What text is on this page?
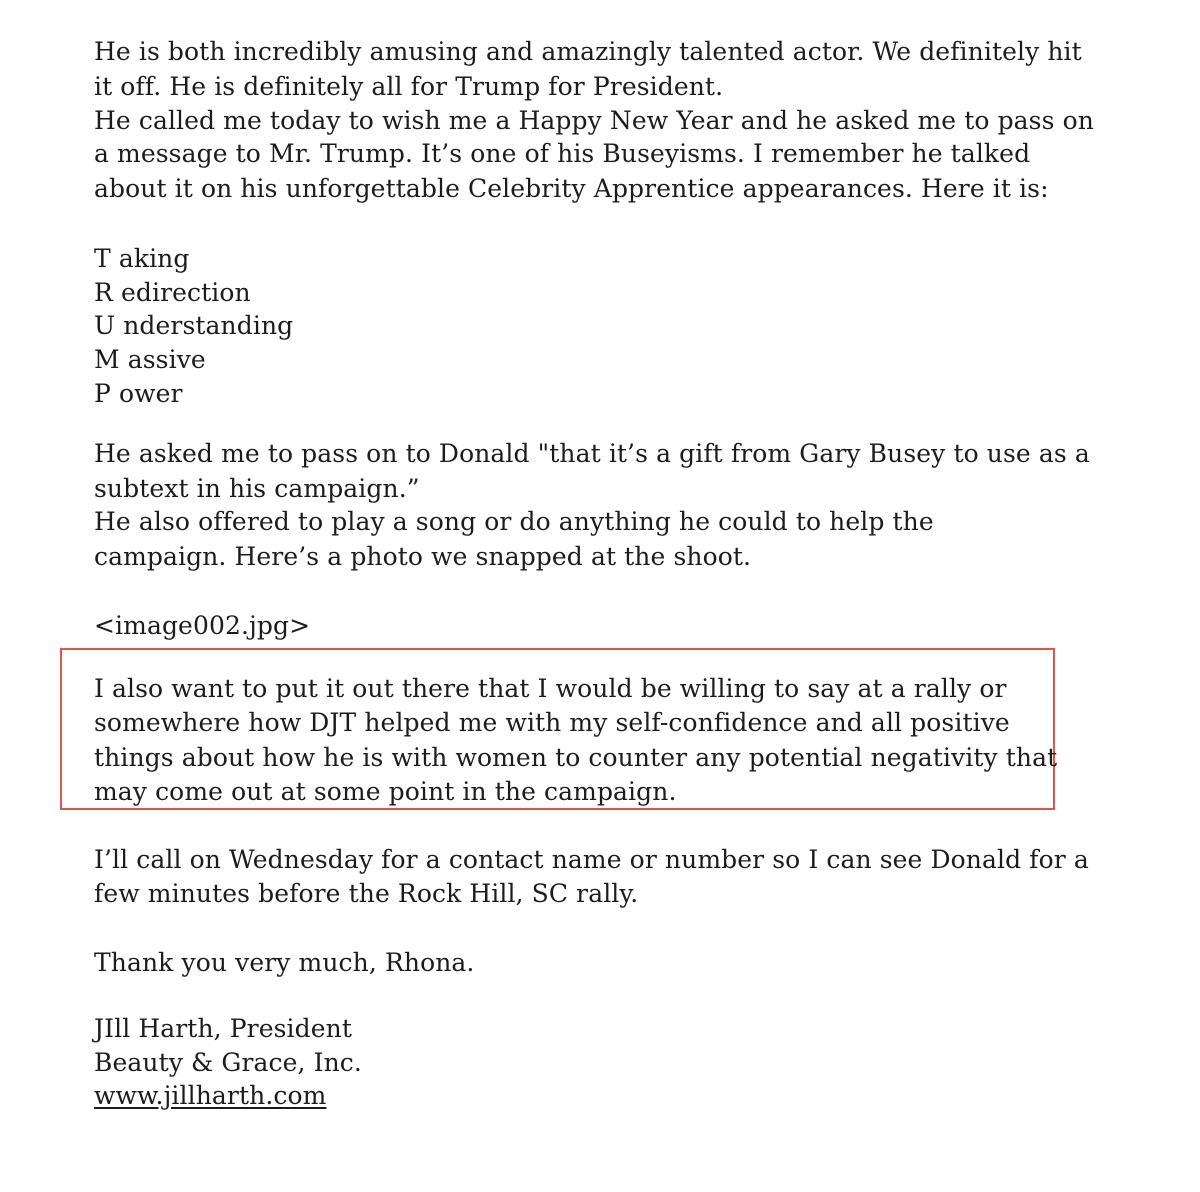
He is both incredibly amusing and amazingly talented actor. We definitely hit
it off. He is definitely all for Trump for President.
He called me today to wish me a Happy New Year and he asked me to pass on
a message to Mr. Trump. It’s one of his Buseyisms. I remember he talked
about it on his unforgettable Celebrity Apprentice appearances. Here it is:
T aking
R edirection
U nderstanding
M assive
P ower
He asked me to pass on to Donald "that it’s a gift from Gary Busey to use as a
subtext in his campaign.”
He also offered to play a song or do anything he could to help the
campaign. Here’s a photo we snapped at the shoot.
<image002.jpg>
I also want to put it out there that I would be willing to say at a rally or
somewhere how DJT helped me with my self-confidence and all positive
things about how he is with women to counter any potential negativity that
may come out at some point in the campaign.
I’ll call on Wednesday for a contact name or number so I can see Donald for a
few minutes before the Rock Hill, SC rally.
Thank you very much, Rhona.
JIll Harth, President
Beauty & Grace, Inc.
www.jillharth.com
